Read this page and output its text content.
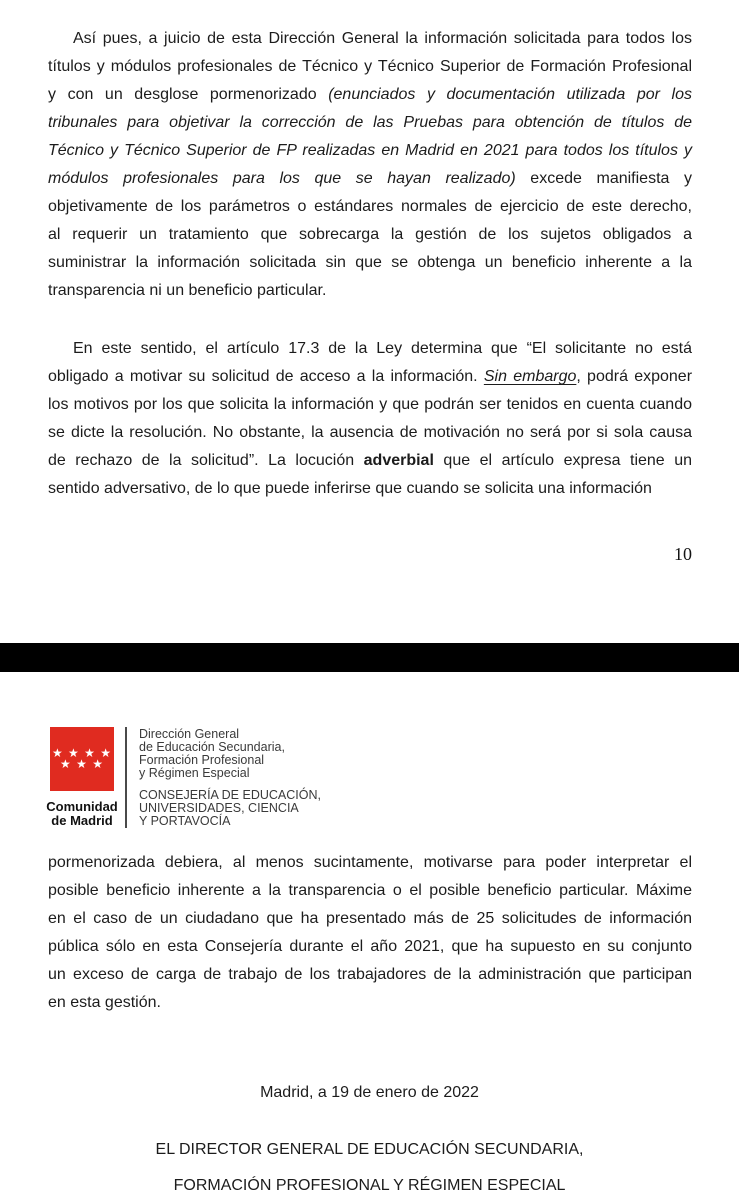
Así pues, a juicio de esta Dirección General la información solicitada para todos los
títulos y módulos profesionales de Técnico y Técnico Superior de Formación Profesional
y con un desglose pormenorizado (enunciados y documentación utilizada por los
tribunales para objetivar la corrección de las Pruebas para obtención de títulos de
Técnico y Técnico Superior de FP realizadas en Madrid en 2021 para todos los títulos y
módulos profesionales para los que se hayan realizado) excede manifiesta y
objetivamente de los parámetros o estándares normales de ejercicio de este derecho,
al requerir un tratamiento que sobrecarga la gestión de los sujetos obligados a
suministrar la información solicitada sin que se obtenga un beneficio inherente a la
transparencia ni un beneficio particular.
En este sentido, el artículo 17.3 de la Ley determina que “El solicitante no está
obligado a motivar su solicitud de acceso a la información. Sin embargo, podrá exponer
los motivos por los que solicita la información y que podrán ser tenidos en cuenta cuando
se dicte la resolución. No obstante, la ausencia de motivación no será por si sola causa
de rechazo de la solicitud”. La locución adverbial que el artículo expresa tiene un
sentido adversativo, de lo que puede inferirse que cuando se solicita una información
10
★ ★ ★ ★
★ ★ ★
Comunidad
de Madrid
Dirección General
de Educación Secundaria,
Formación Profesional
y Régimen Especial
CONSEJERÍA DE EDUCACIÓN,
UNIVERSIDADES, CIENCIA
Y PORTAVOCÍA
pormenorizada debiera, al menos sucintamente, motivarse para poder interpretar el
posible beneficio inherente a la transparencia o el posible beneficio particular. Máxime
en el caso de un ciudadano que ha presentado más de 25 solicitudes de información
pública sólo en esta Consejería durante el año 2021, que ha supuesto en su conjunto
un exceso de carga de trabajo de los trabajadores de la administración que participan
en esta gestión.
Madrid, a 19 de enero de 2022
EL DIRECTOR GENERAL DE EDUCACIÓN SECUNDARIA,
FORMACIÓN PROFESIONAL Y RÉGIMEN ESPECIAL
